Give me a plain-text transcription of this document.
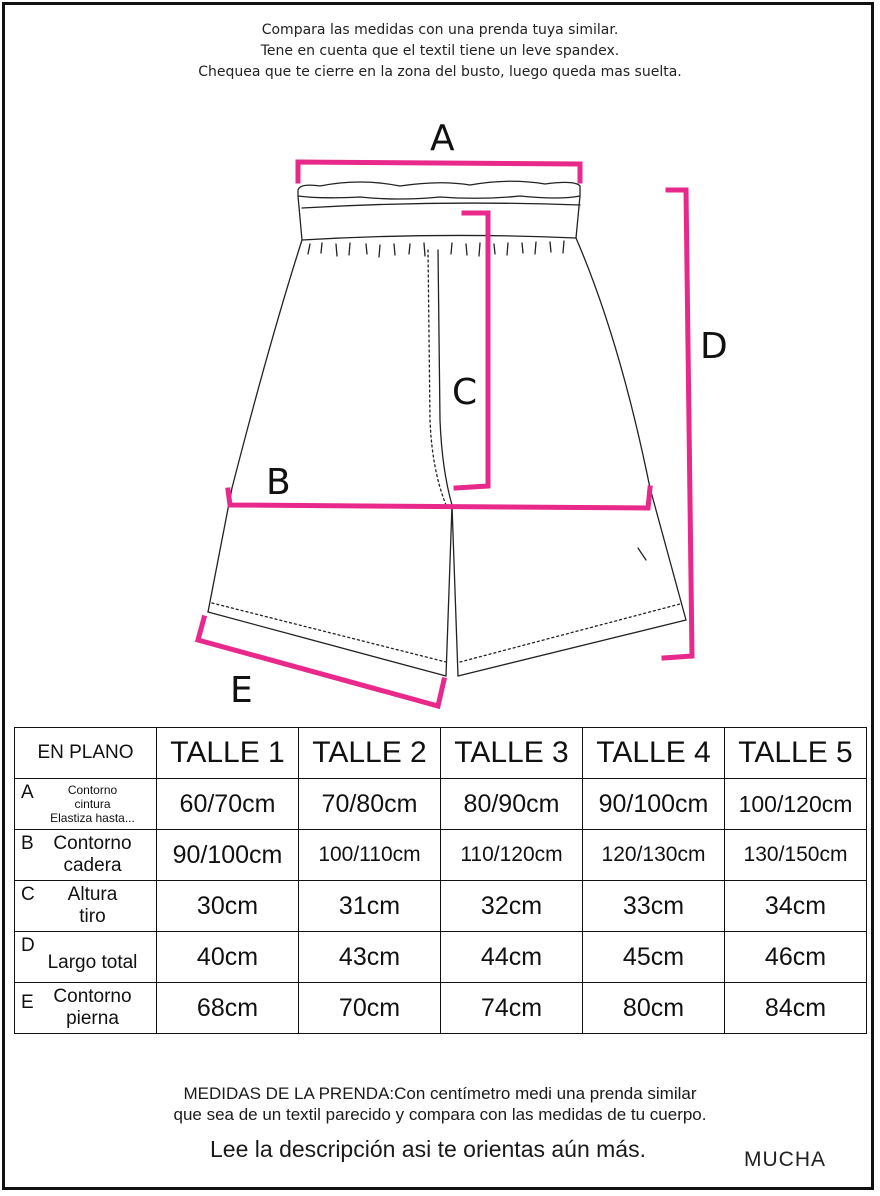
Compara las medidas con una prenda tuya similar.
Tene en cuenta que el textil tiene un leve spandex.
Chequea que te cierre en la zona del busto, luego queda mas suelta.
A
B
C
D
E
EN PLANO	TALLE 1	TALLE 2	TALLE 3	TALLE 4	TALLE 5

A Contorno
cintura
Elastiza hasta...	60/70cm	70/80cm	80/90cm	90/100cm	100/120cm

B Contorno
cadera	90/100cm	100/110cm	110/120cm	120/130cm	130/150cm

C Altura
tiro	30cm	31cm	32cm	33cm	34cm

D
Largo total	40cm	43cm	44cm	45cm	46cm

E Contorno
pierna	68cm	70cm	74cm	80cm	84cm
MEDIDAS DE LA PRENDA:Con centímetro medi una prenda similar
que sea de un textil parecido y compara con las medidas de tu cuerpo.
Lee la descripción asi te orientas aún más.	MUCHA
